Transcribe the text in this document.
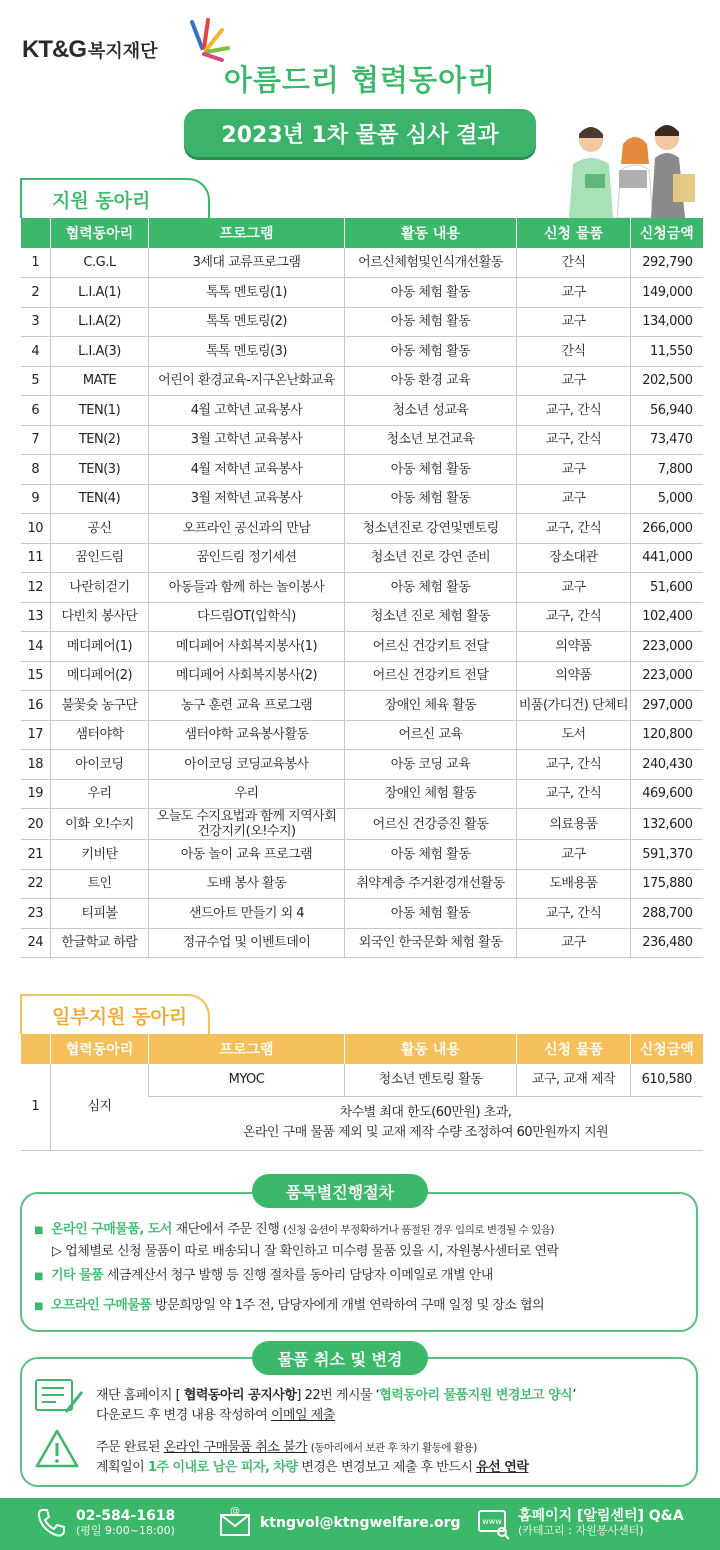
KT&G 복지재단
아름드리 협력동아리
2023년 1차 물품 심사 결과
지원 동아리
	협력동아리	프로그램	활동 내용	신청 물품	신청금액
1	C.G.L	3세대 교류프로그램	어르신체험및인식개선활동	간식	292,790
2	L.I.A(1)	톡톡 멘토링(1)	아동 체험 활동	교구	149,000
3	L.I.A(2)	톡톡 멘토링(2)	아동 체험 활동	교구	134,000
4	L.I.A(3)	톡톡 멘토링(3)	아동 체험 활동	간식	11,550
5	MATE	어린이 환경교육-지구온난화교육	아동 환경 교육	교구	202,500
6	TEN(1)	4월 고학년 교육봉사	청소년 성교육	교구, 간식	56,940
7	TEN(2)	3월 고학년 교육봉사	청소년 보건교육	교구, 간식	73,470
8	TEN(3)	4월 저학년 교육봉사	아동 체험 활동	교구	7,800
9	TEN(4)	3월 저학년 교육봉사	아동 체험 활동	교구	5,000
10	공신	오프라인 공신과의 만남	청소년진로 강연및멘토링	교구, 간식	266,000
11	꿈인드림	꿈인드림 정기세션	청소년 진로 강연 준비	장소대관	441,000
12	나란히걷기	아동들과 함께 하는 놀이봉사	아동 체험 활동	교구	51,600
13	다빈치 봉사단	다드림OT(입학식)	청소년 진로 체험 활동	교구, 간식	102,400
14	메디페어(1)	메디페어 사회복지봉사(1)	어르신 건강키트 전달	의약품	223,000
15	메디페어(2)	메디페어 사회복지봉사(2)	어르신 건강키트 전달	의약품	223,000
16	불꽃슛 농구단	농구 훈련 교육 프로그램	장애인 체육 활동	비품(가디건) 단체티	297,000
17	샘터야학	샘터야학 교육봉사활동	어르신 교육	도서	120,800
18	아이코딩	아이코딩 코딩교육봉사	아동 코딩 교육	교구, 간식	240,430
19	우리	우리	장애인 체험 활동	교구, 간식	469,600
20	이화 오!수지	오늘도 수지요법과 함께 지역사회 건강지키(오!수지)	어르신 건강증진 활동	의료용품	132,600
21	키비탄	아동 놀이 교육 프로그램	아동 체험 활동	교구	591,370
22	트인	도배 봉사 활동	취약계층 주거환경개선활동	도배용품	175,880
23	티피볼	샌드아트 만들기 외 4	아동 체험 활동	교구, 간식	288,700
24	한글학교 하람	정규수업 및 이벤트데이	외국인 한국문화 체험 활동	교구	236,480
일부지원 동아리
	협력동아리	프로그램	활동 내용	신청 물품	신청금액
1	심지	MYOC	청소년 멘토링 활동	교구, 교재 제작	610,580

		차수별 최대 한도(60만원) 초과,
온라인 구매 물품 제외 및 교재 제작 수량 조정하여 60만원까지 지원			
품목별진행절차
■ 온라인 구매물품, 도서 재단에서 주문 진행 (신청 옵션이 부정확하거나 품절된 경우 임의로 변경될 수 있음)
▷ 업체별로 신청 물품이 따로 배송되니 잘 확인하고 미수령 물품 있을 시, 자원봉사센터로 연락
■ 기타 물품 세금계산서 청구 발행 등 진행 절차를 동아리 담당자 이메일로 개별 안내
■ 오프라인 구매물품 방문희망일 약 1주 전, 담당자에게 개별 연락하여 구매 일정 및 장소 협의
물품 취소 및 변경
재단 홈페이지 [ 협력동아리 공지사항] 22번 게시물 ‘협력동아리 물품지원 변경보고 양식’
다운로드 후 변경 내용 작성하여 이메일 제출
주문 완료된 온라인 구매물품 취소 불가 (동아리에서 보관 후 차기 활동에 활용)
계획일이 1주 이내로 남은 피자, 차량 변경은 변경보고 제출 후 반드시 유선 연락
02-584-1618
(평일 9:00~18:00)
@
ktngvol@ktngwelfare.org	www 홈페이지 [알림센터] Q&A
(카테고리 : 자원봉사센터)
